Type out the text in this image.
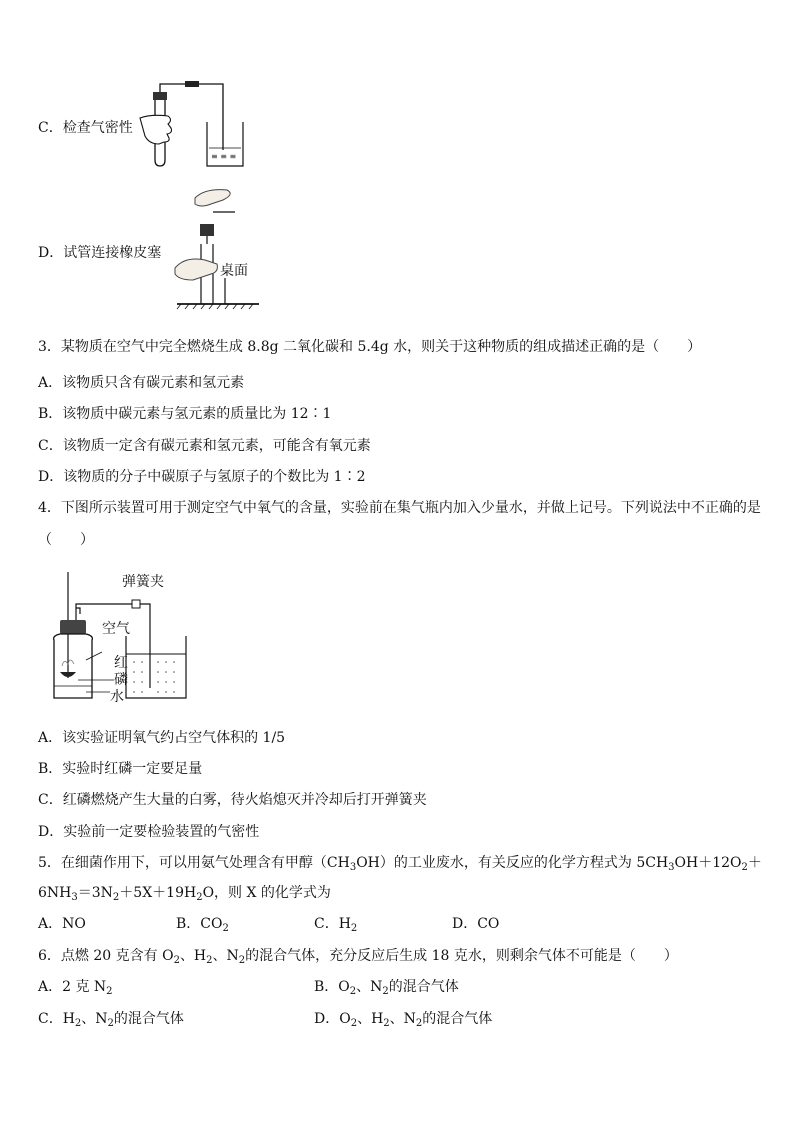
C．检查气密性
≡ ≡ ≡
D．试管连接橡皮塞
桌面
3．某物质在空气中完全燃烧生成 8.8g 二氧化碳和 5.4g 水，则关于这种物质的组成描述正确的是（　　）
A．该物质只含有碳元素和氢元素
B．该物质中碳元素与氢元素的质量比为 12∶1
C．该物质一定含有碳元素和氢元素，可能含有氧元素
D．该物质的分子中碳原子与氢原子的个数比为 1∶2
4．下图所示装置可用于测定空气中氧气的含量，实验前在集气瓶内加入少量水，并做上记号。下列说法中不正确的是
（　　）
弹簧夹
空气
红
磷
水
A．该实验证明氧气约占空气体积的 1/5
B．实验时红磷一定要足量
C．红磷燃烧产生大量的白雾，待火焰熄灭并冷却后打开弹簧夹
D．实验前一定要检验装置的气密性
5．在细菌作用下，可以用氨气处理含有甲醇$(CH_3OH)$的工业废水，有关反应的化学方程式为 $5CH_3OH+12O_2+$
$6NH_3=3N_2+5X+19H_2O$，则 X 的化学式为
A．NO	B．$CO_2$	C．$H_2$	D．CO
6．点燃 20 克含有 $O_2$、$H_2$、$N_2$的混合气体，充分反应后生成 18 克水，则剩余气体不可能是（　　）
A．2 克 $N_2$	B．$O_2$、$N_2$的混合气体
C．$H_2$、$N_2$的混合气体	D．$O_2$、$H_2$、$N_2$的混合气体
